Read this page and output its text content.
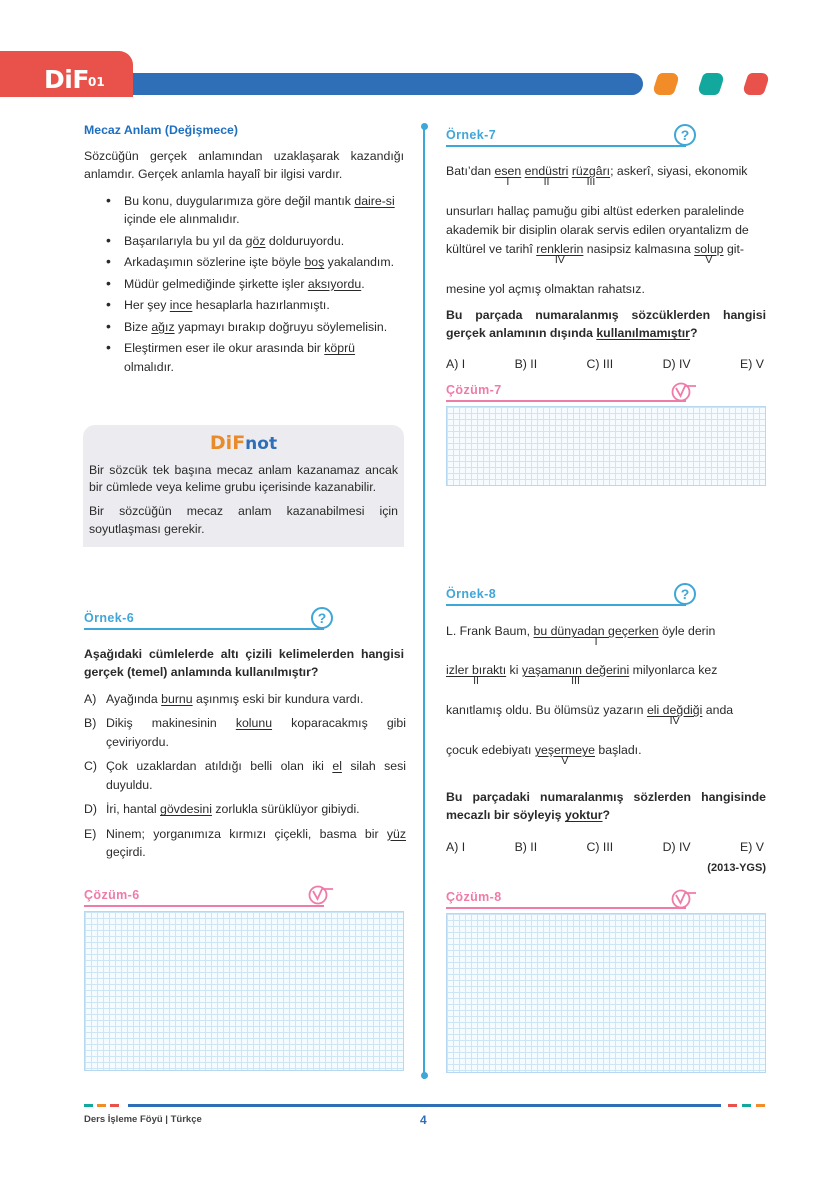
DiF 01
Mecaz Anlam (Değişmece)
Sözcüğün gerçek anlamından uzaklaşarak kazandığı anlamdır. Gerçek anlamla hayalî bir ilgisi vardır.
• Bu konu, duygularımıza göre değil mantık daire-si içinde ele alınmalıdır.
• Başarılarıyla bu yıl da göz dolduruyordu.
• Arkadaşımın sözlerine işte böyle boş yakalandım.
• Müdür gelmediğinde şirkette işler aksıyordu.
• Her şey ince hesaplarla hazırlanmıştı.
• Bize ağız yapmayı bırakıp doğruyu söylemelisin.
• Eleştirmen eser ile okur arasında bir köprü olmalıdır.
DiFnot

Bir sözcük tek başına mecaz anlam kazanamaz ancak bir cümlede veya kelime grubu içerisinde kazanabilir.

Bir sözcüğün mecaz anlam kazanabilmesi için soyutlaşması gerekir.

Örnek-6	?
Aşağıdaki cümlelerde altı çizili kelimelerden hangisi gerçek (temel) anlamında kullanılmıştır?
A) Ayağında burnu aşınmış eski bir kundura vardı.
B) Dikiş makinesinin kolunu koparacakmış gibi çeviriyordu.
C) Çok uzaklardan atıldığı belli olan iki el silah sesi duyuldu.
D) İri, hantal gövdesini zorlukla sürüklüyor gibiydi.
E) Ninem; yorganımıza kırmızı çiçekli, basma bir yüz geçirdi.
Çözüm-6
Örnek-7	?
Batı’dan esen
I
endüstri
II
rüzgârı
III
; askerî, siyasi, ekonomik
unsurları hallaç pamuğu gibi altüst ederken paralelinde
akademik bir disiplin olarak servis edilen oryantalizm de
kültürel ve tarihî renklerin
IV
nasipsiz kalmasına solup
V
git-
mesine yol açmış olmaktan rahatsız.
Bu parçada numaralanmış sözcüklerden hangisi gerçek anlamının dışında kullanılmamıştır?
A) I	B) II	C) III	D) IV	E) V
Çözüm-7
Örnek-8	?
L. Frank Baum, bu dünyadan geçerken
I
öyle derin
izler bıraktı
II
ki yaşamanın değerini
III
milyonlarca kez
kanıtlamış oldu. Bu ölümsüz yazarın eli değdiği
IV
anda
çocuk edebiyatı yeşermeye
V
başladı.
Bu parçadaki numaralanmış sözlerden hangisinde mecazlı bir söyleyiş yoktur?
A) I	B) II	C) III	D) IV	E) V
(2013-YGS)
Çözüm-8
Ders İşleme Föyü | Türkçe	4
